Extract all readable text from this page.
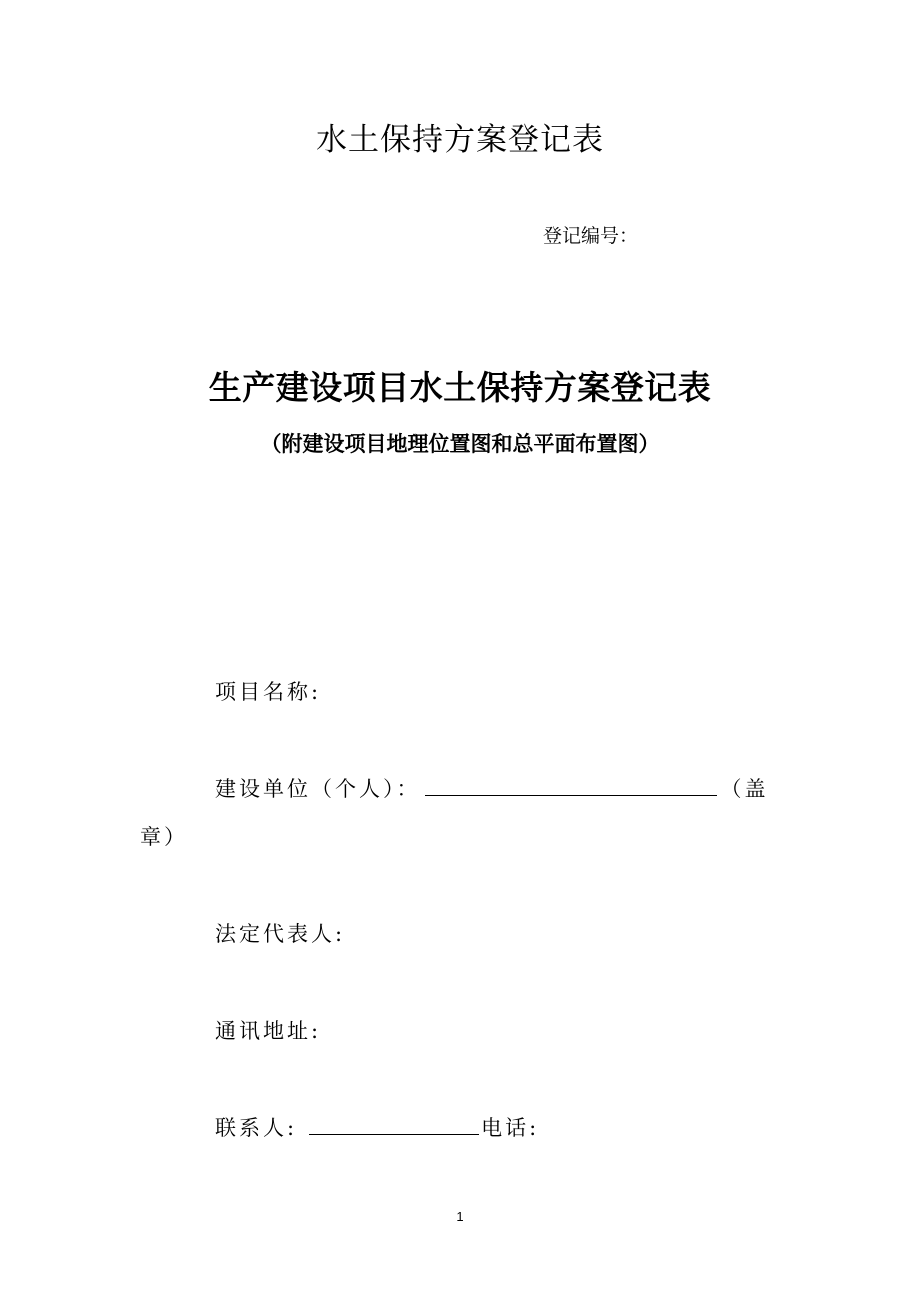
水土保持方案登记表
登记编号：
生产建设项目水土保持方案登记表
（附建设项目地理位置图和总平面布置图）
项目名称:
建设单位（个人）：	（盖
章）
法定代表人:
通讯地址:
联系人:	电话:
1
